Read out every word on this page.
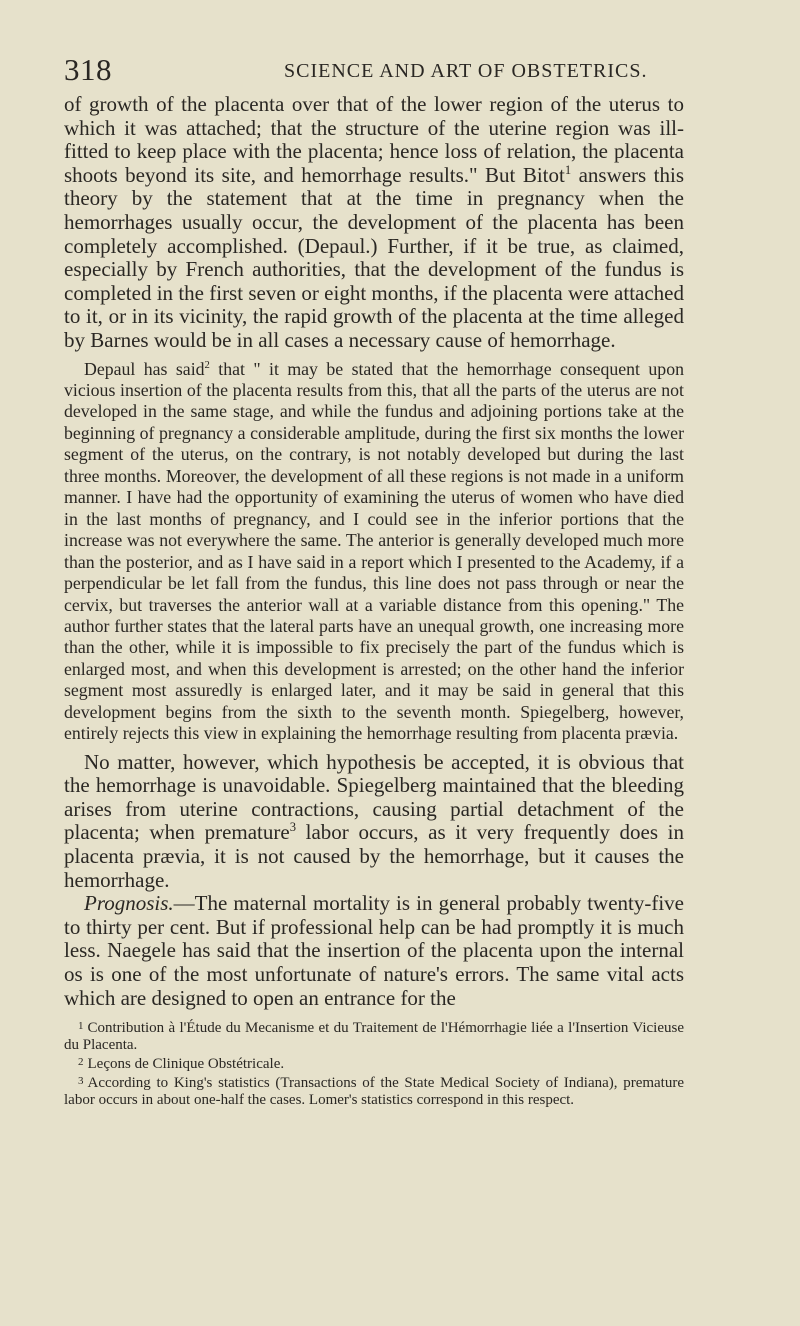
318	SCIENCE AND ART OF OBSTETRICS.

of growth of the placenta over that of the lower region of the uterus to which it was attached; that the structure of the uterine region was ill-fitted to keep place with the placenta; hence loss of relation, the placenta shoots beyond its site, and hemorrhage results." But Bitot$^1$ answers this theory by the statement that at the time in pregnancy when the hemorrhages usually occur, the development of the placenta has been completely accomplished. (Depaul.) Further, if it be true, as claimed, especially by French authorities, that the development of the fundus is completed in the first seven or eight months, if the placenta were attached to it, or in its vicinity, the rapid growth of the placenta at the time alleged by Barnes would be in all cases a necessary cause of hemorrhage.

Depaul has said$^2$ that " it may be stated that the hemorrhage consequent upon vicious insertion of the placenta results from this, that all the parts of the uterus are not developed in the same stage, and while the fundus and adjoining portions take at the beginning of pregnancy a considerable amplitude, during the first six months the lower segment of the uterus, on the contrary, is not notably developed but during the last three months. Moreover, the development of all these regions is not made in a uniform manner. I have had the opportunity of examining the uterus of women who have died in the last months of pregnancy, and I could see in the inferior portions that the increase was not everywhere the same. The anterior is generally developed much more than the posterior, and as I have said in a report which I presented to the Academy, if a perpendicular be let fall from the fundus, this line does not pass through or near the cervix, but traverses the anterior wall at a variable distance from this opening." The author further states that the lateral parts have an unequal growth, one increasing more than the other, while it is impossible to fix precisely the part of the fundus which is enlarged most, and when this development is arrested; on the other hand the inferior segment most assuredly is enlarged later, and it may be said in general that this development begins from the sixth to the seventh month. Spiegelberg, however, entirely rejects this view in explaining the hemorrhage resulting from placenta prævia.

No matter, however, which hypothesis be accepted, it is obvious that the hemorrhage is unavoidable. Spiegelberg maintained that the bleeding arises from uterine contractions, causing partial detachment of the placenta; when premature$^3$ labor occurs, as it very frequently does in placenta prævia, it is not caused by the hemorrhage, but it causes the hemorrhage.

Prognosis.—The maternal mortality is in general probably twenty-five to thirty per cent. But if professional help can be had promptly it is much less. Naegele has said that the insertion of the placenta upon the internal os is one of the most unfortunate of nature's errors. The same vital acts which are designed to open an entrance for the

$^1$ Contribution à l'Étude du Mecanisme et du Traitement de l'Hémorrhagie liée a l'Insertion Vicieuse du Placenta.

$^2$ Leçons de Clinique Obstétricale.

$^3$ According to King's statistics (Transactions of the State Medical Society of Indiana), premature labor occurs in about one-half the cases. Lomer's statistics correspond in this respect.
